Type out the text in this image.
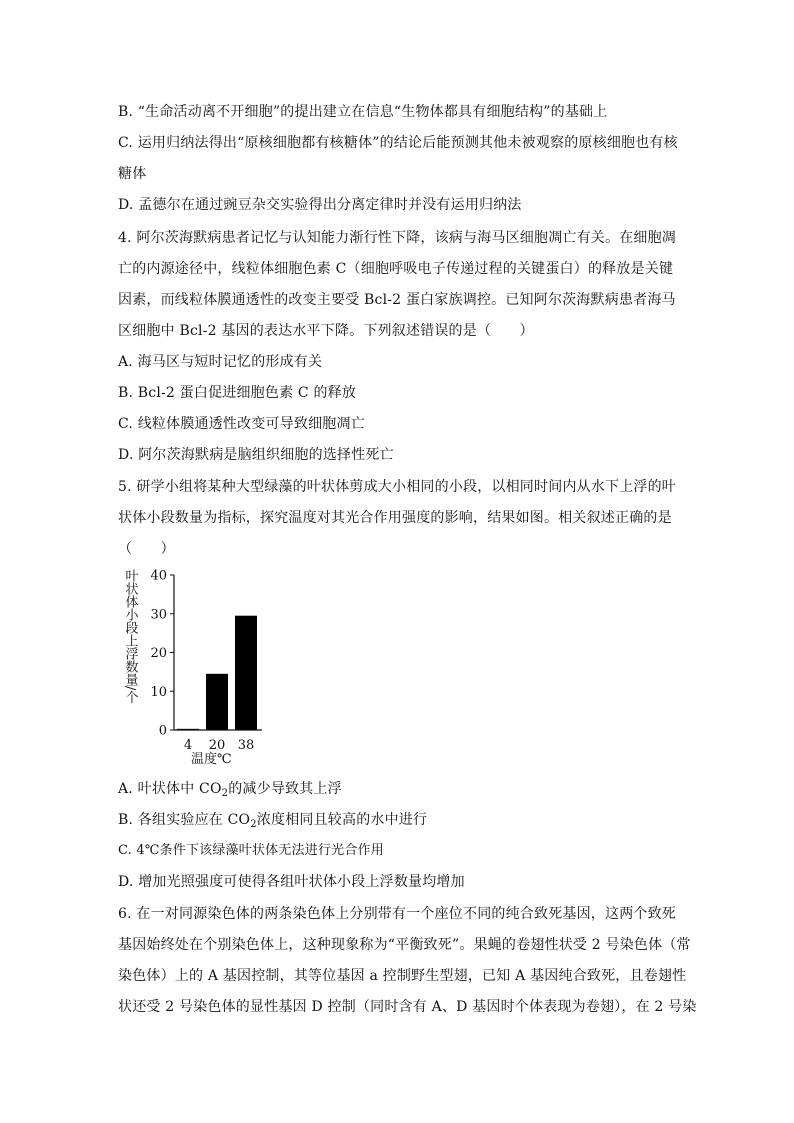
B. “生命活动离不开细胞”的提出建立在信息“生物体都具有细胞结构”的基础上
C. 运用归纳法得出“原核细胞都有核糖体”的结论后能预测其他未被观察的原核细胞也有核
糖体
D. 孟德尔在通过豌豆杂交实验得出分离定律时并没有运用归纳法
4. 阿尔茨海默病患者记忆与认知能力渐行性下降，该病与海马区细胞凋亡有关。在细胞凋
亡的内源途径中，线粒体细胞色素 C（细胞呼吸电子传递过程的关键蛋白）的释放是关键
因素，而线粒体膜通透性的改变主要受 Bcl-2 蛋白家族调控。已知阿尔茨海默病患者海马
区细胞中 Bcl-2 基因的表达水平下降。下列叙述错误的是（　　）
A. 海马区与短时记忆的形成有关
B. Bcl-2 蛋白促进细胞色素 C 的释放
C. 线粒体膜通透性改变可导致细胞凋亡
D. 阿尔茨海默病是脑组织细胞的选择性死亡
5. 研学小组将某种大型绿藻的叶状体剪成大小相同的小段，以相同时间内从水下上浮的叶
状体小段数量为指标，探究温度对其光合作用强度的影响，结果如图。相关叙述正确的是
（　　）
叶状体小段上浮数量/个
0
10
20
30
40
4 20 38
温度℃
A. 叶状体中 $CO_2$的减少导致其上浮
B. 各组实验应在 $CO_2$浓度相同且较高的水中进行
C. 4℃条件下该绿藻叶状体无法进行光合作用
D. 增加光照强度可使得各组叶状体小段上浮数量均增加
6. 在一对同源染色体的两条染色体上分别带有一个座位不同的纯合致死基因，这两个致死
基因始终处在个别染色体上，这种现象称为“平衡致死”。果蝇的卷翅性状受 2 号染色体（常
染色体）上的 A 基因控制，其等位基因 a 控制野生型翅，已知 A 基因纯合致死，且卷翅性
状还受 2 号染色体的显性基因 D 控制（同时含有 A、D 基因时个体表现为卷翅），在 2 号染
